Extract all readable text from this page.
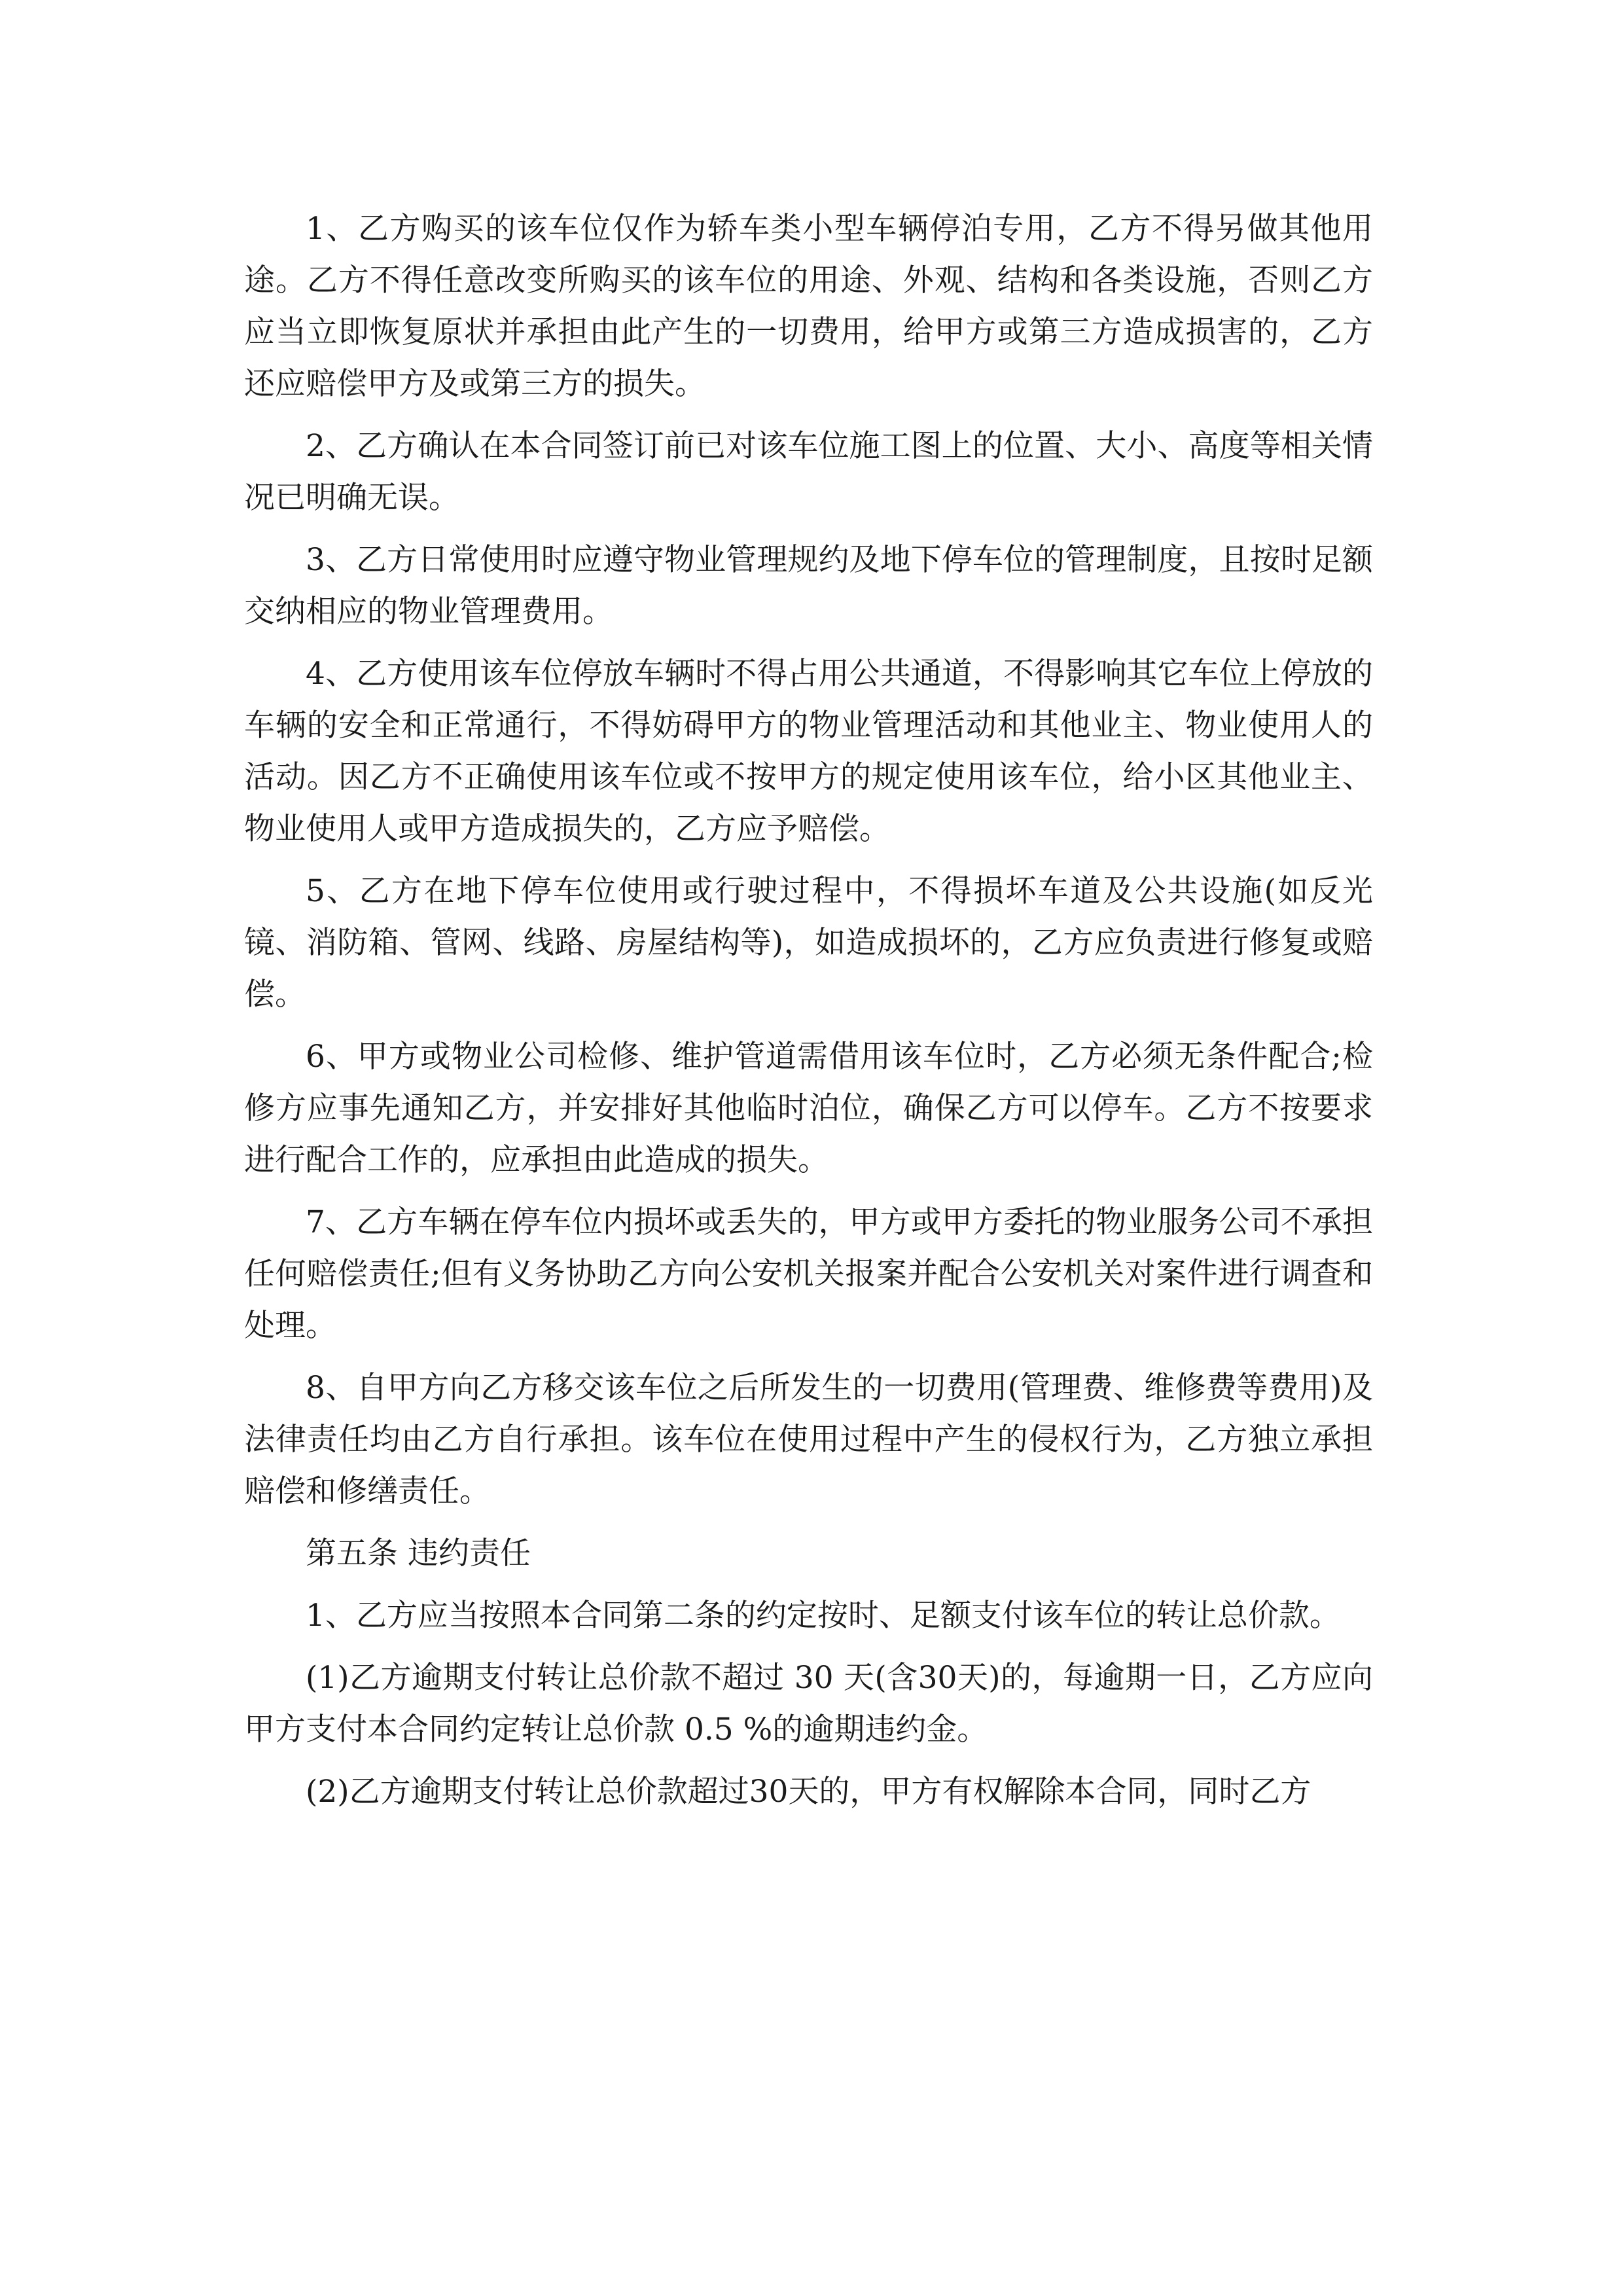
1、乙方购买的该车位仅作为轿车类小型车辆停泊专用，乙方不得另做其他用途。乙方不得任意改变所购买的该车位的用途、外观、结构和各类设施，否则乙方应当立即恢复原状并承担由此产生的一切费用，给甲方或第三方造成损害的，乙方还应赔偿甲方及或第三方的损失。

2、乙方确认在本合同签订前已对该车位施工图上的位置、大小、高度等相关情况已明确无误。

3、乙方日常使用时应遵守物业管理规约及地下停车位的管理制度，且按时足额交纳相应的物业管理费用。

4、乙方使用该车位停放车辆时不得占用公共通道，不得影响其它车位上停放的车辆的安全和正常通行，不得妨碍甲方的物业管理活动和其他业主、物业使用人的活动。因乙方不正确使用该车位或不按甲方的规定使用该车位，给小区其他业主、物业使用人或甲方造成损失的，乙方应予赔偿。

5、乙方在地下停车位使用或行驶过程中，不得损坏车道及公共设施(如反光镜、消防箱、管网、线路、房屋结构等)，如造成损坏的，乙方应负责进行修复或赔偿。

6、甲方或物业公司检修、维护管道需借用该车位时，乙方必须无条件配合;检修方应事先通知乙方，并安排好其他临时泊位，确保乙方可以停车。乙方不按要求进行配合工作的，应承担由此造成的损失。

7、乙方车辆在停车位内损坏或丢失的，甲方或甲方委托的物业服务公司不承担任何赔偿责任;但有义务协助乙方向公安机关报案并配合公安机关对案件进行调查和处理。

8、自甲方向乙方移交该车位之后所发生的一切费用(管理费、维修费等费用)及法律责任均由乙方自行承担。该车位在使用过程中产生的侵权行为，乙方独立承担赔偿和修缮责任。

第五条 违约责任

1、乙方应当按照本合同第二条的约定按时、足额支付该车位的转让总价款。

(1)乙方逾期支付转让总价款不超过 30 天(含30天)的，每逾期一日，乙方应向甲方支付本合同约定转让总价款 0.5 %的逾期违约金。

(2)乙方逾期支付转让总价款超过30天的，甲方有权解除本合同，同时乙方
